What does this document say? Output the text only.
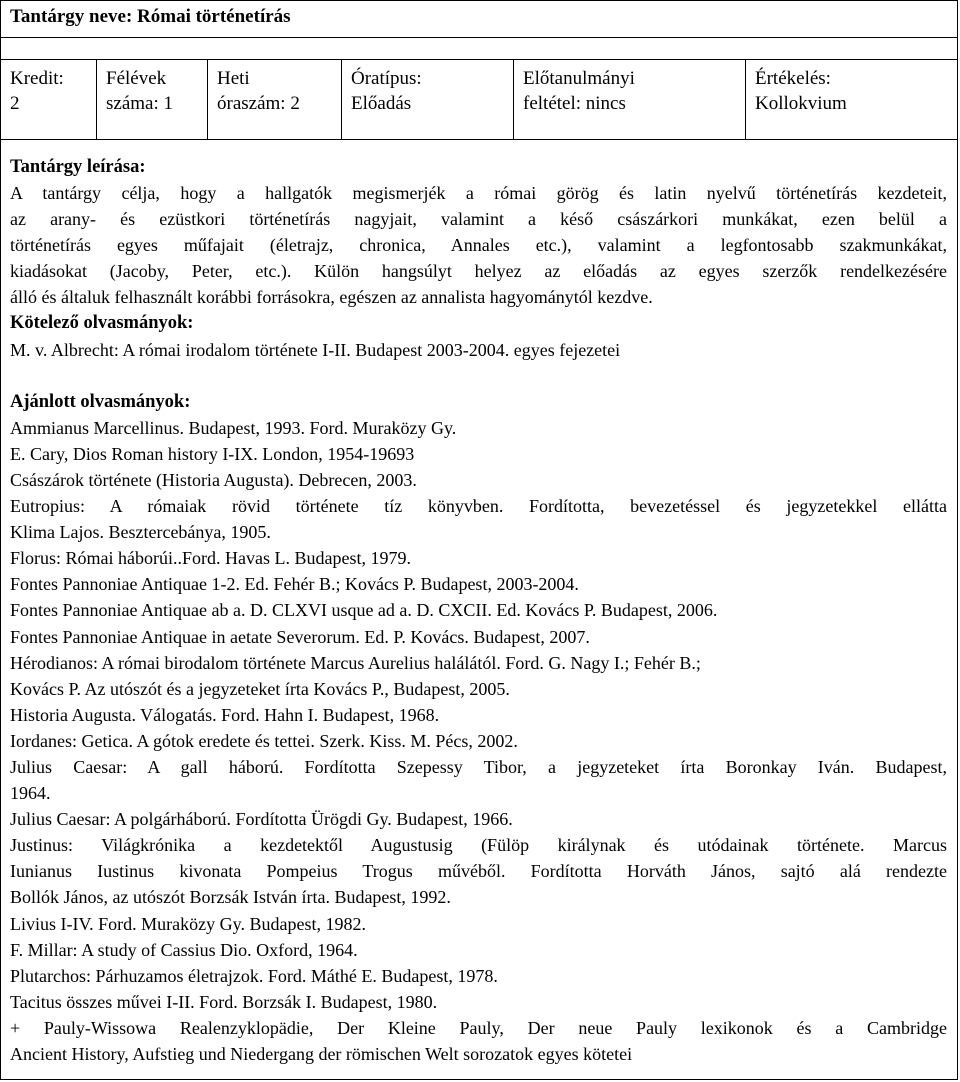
Tantárgy neve: Római történetírás
Kredit:
2
Félévek
száma: 1
Heti
óraszám: 2
Óratípus:
Előadás
Előtanulmányi
feltétel: nincs
Értékelés:
Kollokvium
Tantárgy leírása:
A tantárgy célja, hogy a hallgatók megismerjék a római görög és latin nyelvű történetírás kezdeteit,
az arany- és ezüstkori történetírás nagyjait, valamint a késő császárkori munkákat, ezen belül a
történetírás egyes műfajait (életrajz, chronica, Annales etc.), valamint a legfontosabb szakmunkákat,
kiadásokat (Jacoby, Peter, etc.). Külön hangsúlyt helyez az előadás az egyes szerzők rendelkezésére
álló és általuk felhasznált korábbi forrásokra, egészen az annalista hagyománytól kezdve.
Kötelező olvasmányok:
M. v. Albrecht: A római irodalom története I-II. Budapest 2003-2004. egyes fejezetei
Ajánlott olvasmányok:
Ammianus Marcellinus. Budapest, 1993. Ford. Muraközy Gy.
E. Cary, Dios Roman history I-IX. London, 1954-19693
Császárok története (Historia Augusta). Debrecen, 2003.
Eutropius: A rómaiak rövid története tíz könyvben. Fordította, bevezetéssel és jegyzetekkel ellátta
Klima Lajos. Besztercebánya, 1905.
Florus: Római háborúi..Ford. Havas L. Budapest, 1979.
Fontes Pannoniae Antiquae 1-2. Ed. Fehér B.; Kovács P. Budapest, 2003-2004.
Fontes Pannoniae Antiquae ab a. D. CLXVI usque ad a. D. CXCII. Ed. Kovács P. Budapest, 2006.
Fontes Pannoniae Antiquae in aetate Severorum. Ed. P. Kovács. Budapest, 2007.
Hérodianos: A római birodalom története Marcus Aurelius halálától. Ford. G. Nagy I.; Fehér B.;
Kovács P. Az utószót és a jegyzeteket írta Kovács P., Budapest, 2005.
Historia Augusta. Válogatás. Ford. Hahn I. Budapest, 1968.
Iordanes: Getica. A gótok eredete és tettei. Szerk. Kiss. M. Pécs, 2002.
Julius Caesar: A gall háború. Fordította Szepessy Tibor, a jegyzeteket írta Boronkay Iván. Budapest,
1964.
Julius Caesar: A polgárháború. Fordította Ürögdi Gy. Budapest, 1966.
Justinus: Világkrónika a kezdetektől Augustusig (Fülöp királynak és utódainak története. Marcus
Iunianus Iustinus kivonata Pompeius Trogus művéből. Fordította Horváth János, sajtó alá rendezte
Bollók János, az utószót Borzsák István írta. Budapest, 1992.
Livius I-IV. Ford. Muraközy Gy. Budapest, 1982.
F. Millar: A study of Cassius Dio. Oxford, 1964.
Plutarchos: Párhuzamos életrajzok. Ford. Máthé E. Budapest, 1978.
Tacitus összes művei I-II. Ford. Borzsák I. Budapest, 1980.
+ Pauly-Wissowa Realenzyklopädie, Der Kleine Pauly, Der neue Pauly lexikonok és a Cambridge
Ancient History, Aufstieg und Niedergang der römischen Welt sorozatok egyes kötetei
